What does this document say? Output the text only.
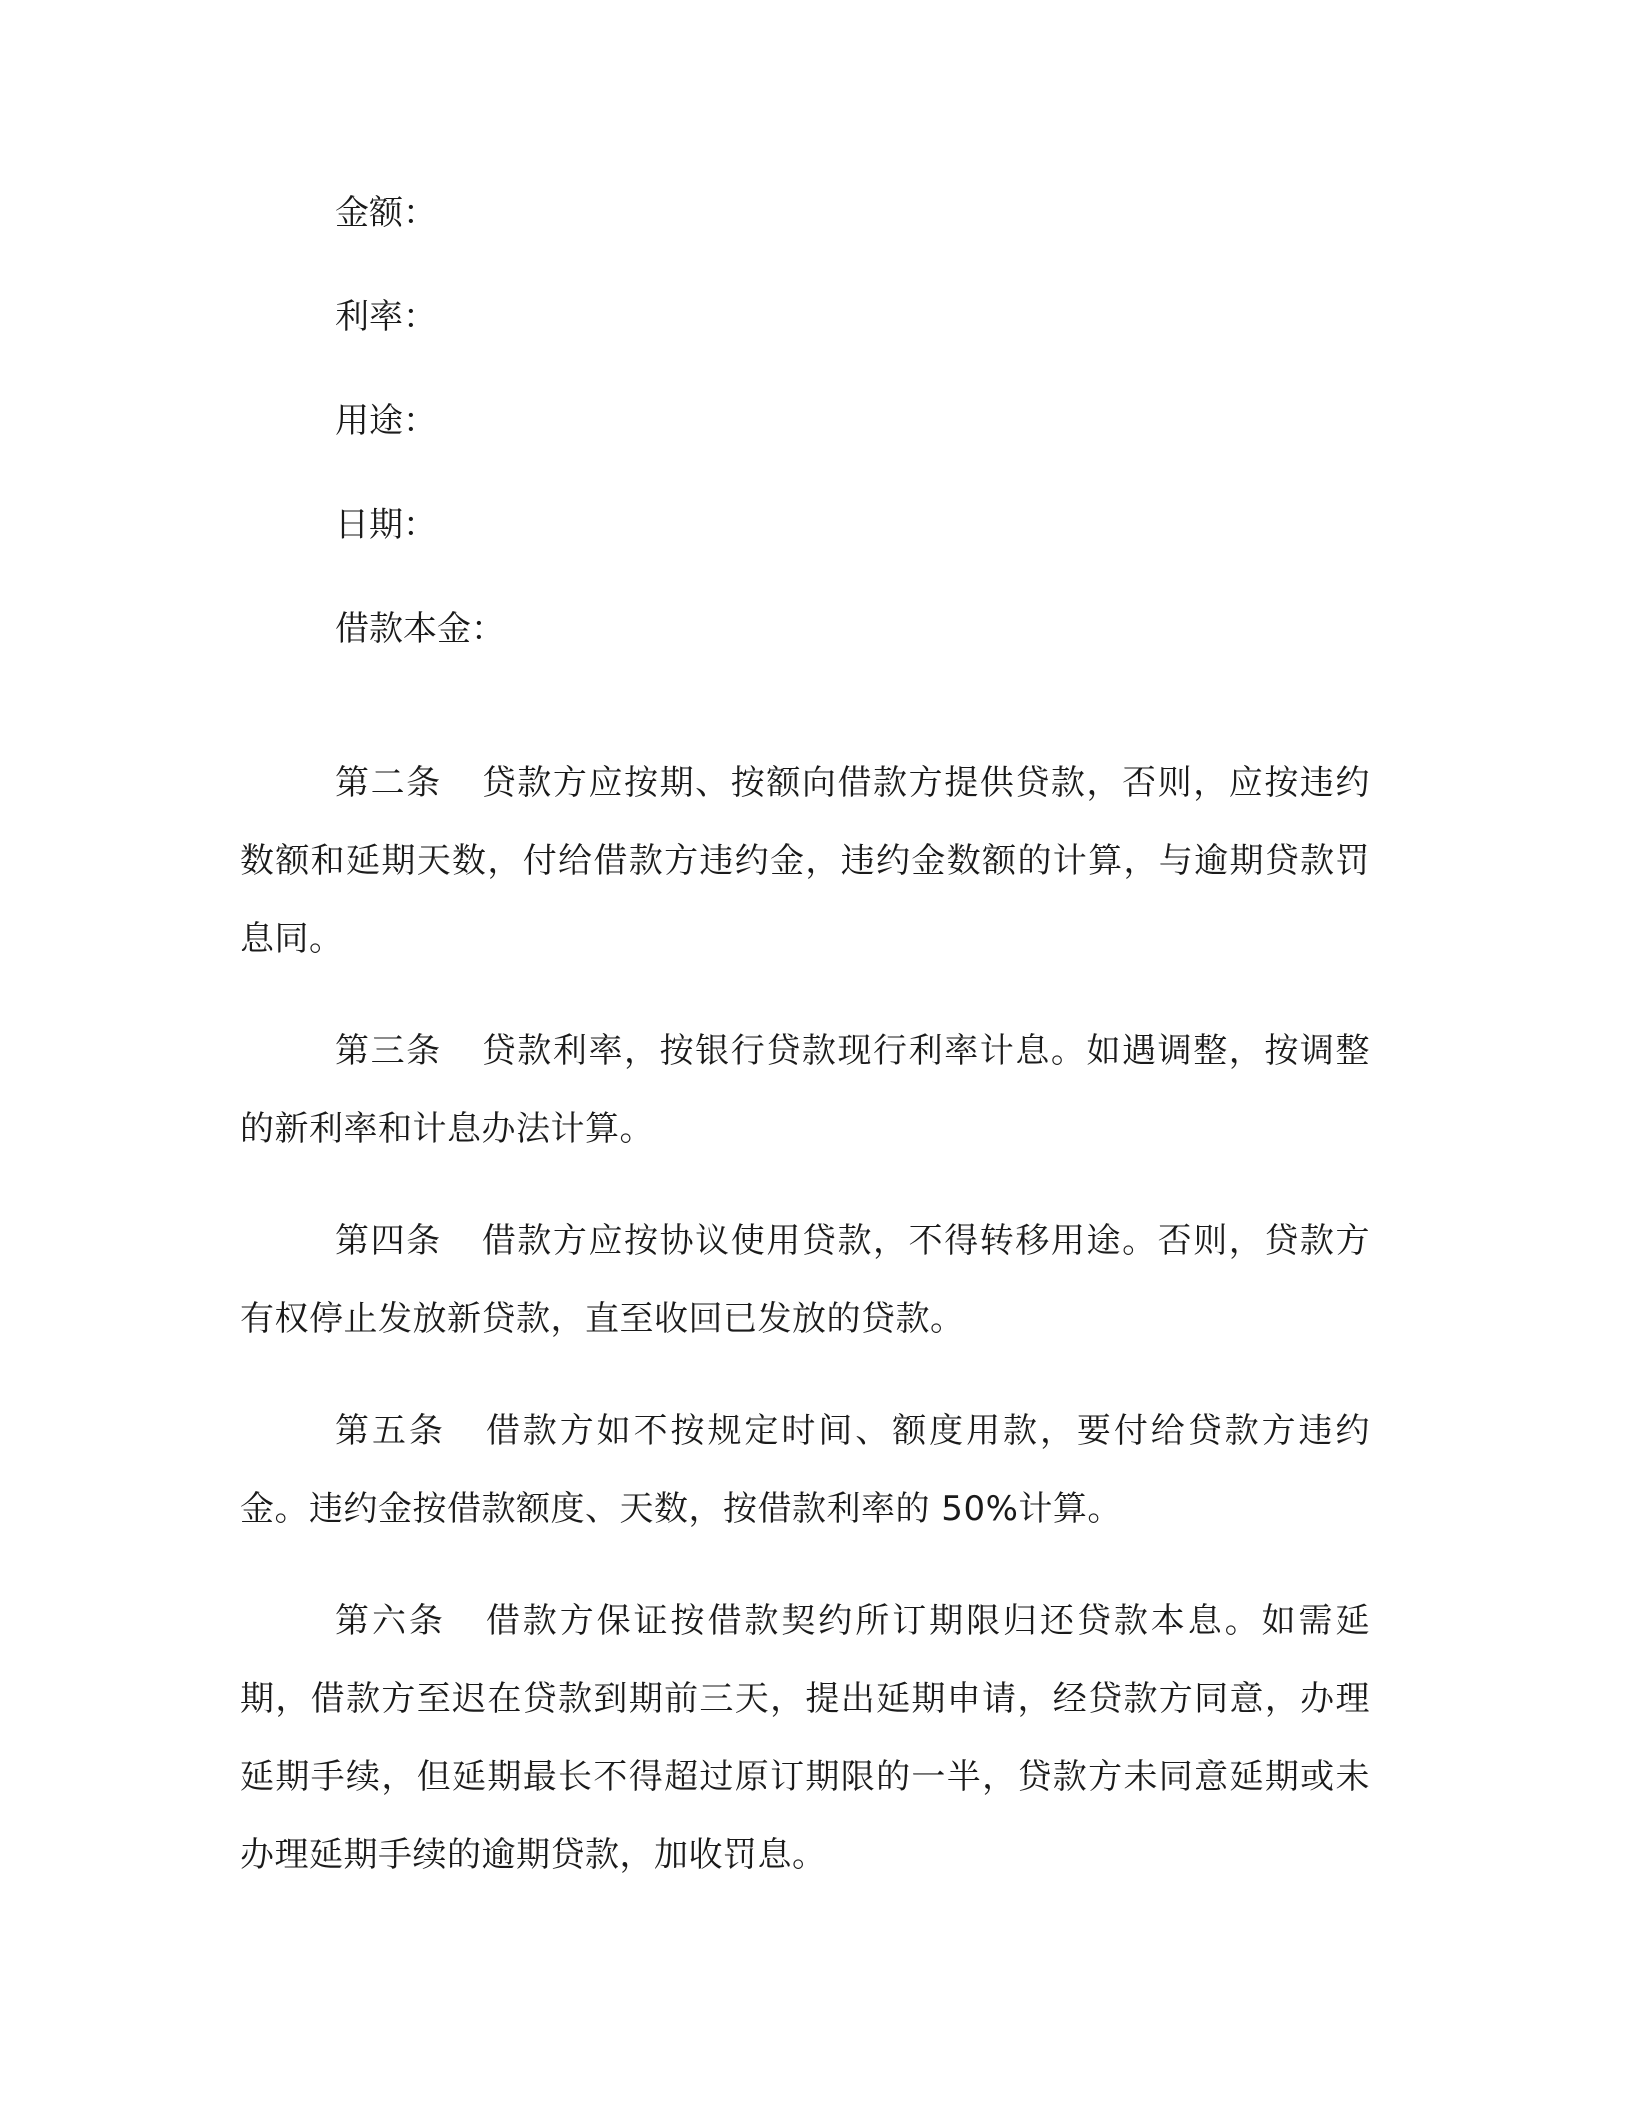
金额：
利率：
用途：
日期：
借款本金：

第二条 贷款方应按期、按额向借款方提供贷款，否则，应按违约数额和延期天数，付给借款方违约金，违约金数额的计算，与逾期贷款罚息同。

第三条 贷款利率，按银行贷款现行利率计息。如遇调整，按调整的新利率和计息办法计算。

第四条 借款方应按协议使用贷款，不得转移用途。否则，贷款方有权停止发放新贷款，直至收回已发放的贷款。

第五条 借款方如不按规定时间、额度用款，要付给贷款方违约金。违约金按借款额度、天数，按借款利率的 50%计算。

第六条 借款方保证按借款契约所订期限归还贷款本息。如需延期，借款方至迟在贷款到期前三天，提出延期申请，经贷款方同意，办理延期手续，但延期最长不得超过原订期限的一半，贷款方未同意延期或未办理延期手续的逾期贷款，加收罚息。
